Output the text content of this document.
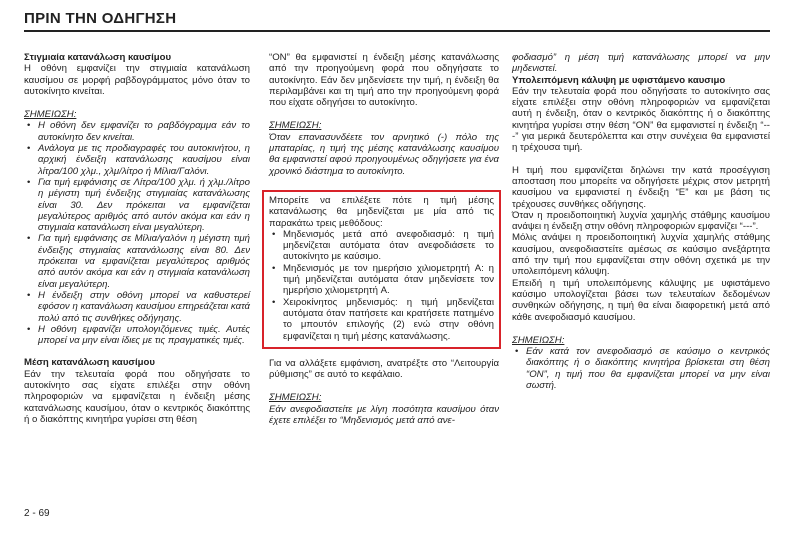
ΠΡΙΝ ΤΗΝ ΟΔΗΓΗΣΗ

Στιγμιαία κατανάλωση καυσίμου

Η οθόνη εμφανίζει την στιγμιαία κατανάλωση καυσίμου σε μορφή ραβδογράμματος μόνο όταν το αυτοκίνητο κινείται.

ΣΗΜΕΙΩΣΗ:

• Η οθόνη δεν εμφανίζει το ραβδόγραμμα εάν το αυτοκίνητο δεν κινείται.
• Ανάλογα με τις προδιαγραφές του αυτοκινήτου, η αρχική ένδειξη κατανάλωσης καυσίμου είναι λίτρα/100 χλμ., χλμ/λίτρο ή Μίλια/Γαλόνι.
• Για τιμή εμφάνισης σε Λίτρα/100 χλμ. ή χλμ./λίτρο η μέγιστη τιμή ένδειξης στιγμιαίας κατανάλωσης είναι 30. Δεν πρόκειται να εμφανίζεται μεγαλύτερος αριθμός από αυτόν ακόμα και εάν η στιγμιαία κατανάλωση είναι μεγαλύτερη.
• Για τιμή εμφάνισης σε Μίλια/γαλόνι η μέγιστη τιμή ένδειξης στιγμιαίας κατανάλωσης είναι 80. Δεν πρόκειται να εμφανίζεται μεγαλύτερος αριθμός από αυτόν ακόμα και εάν η στιγμιαία κατανάλωση είναι μεγαλύτερη.
• Η ένδειξη στην οθόνη μπορεί να καθυστερεί εφόσον η κατανάλωση καυσίμου επηρεάζεται κατά πολύ από τις συνθήκες οδήγησης.
• Η οθόνη εμφανίζει υπολογιζόμενες τιμές. Αυτές μπορεί να μην είναι ίδιες με τις πραγματικές τιμές.

Μέση κατανάλωση καυσίμου

Εάν την τελευταία φορά που οδηγήσατε το αυτοκίνητο σας είχατε επιλέξει στην οθόνη πληροφοριών να εμφανίζεται η ένδειξη μέσης κατανάλωσης καυσίμου, όταν ο κεντρικός διακόπτης ή ο διακόπτης κινητήρα γυρίσει στη θέση

“ON” θα εμφανιστεί η ένδειξη μέσης κατανάλωσης από την προηγούμενη φορά που οδηγήσατε το αυτοκίνητο. Εάν δεν μηδενίσετε την τιμή, η ένδειξη θα περιλαμβάνει και τη τιμή απο την προηγούμενη φορά που είχατε οδηγήσει το αυτοκίνητο.

ΣΗΜΕΙΩΣΗ:

Όταν επανασυνδέετε τον αρνητικό (-) πόλο της μπαταρίας, η τιμή της μέσης κατανάλωσης καυσίμου θα εμφανιστεί αφού προηγουμένως οδηγήσετε για ένα χρονικό διάστημα το αυτοκίνητο.

Μπορείτε να επιλέξετε πότε η τιμή μέσης κατανάλωσης θα μηδενίζεται με μία από τις παρακάτω τρεις μεθόδους:

• Μηδενισμός μετά από ανεφοδιασμό: η τιμή μηδενίζεται αυτόματα όταν ανεφοδιάσετε το αυτοκίνητο με καύσιμο.
• Μηδενισμός με τον ημερήσιο χιλιομετρητή A: η τιμή μηδενίζεται αυτόματα όταν μηδενίσετε τον ημερήσιο χιλιομετρητή A.
• Χειροκίνητος μηδενισμός: η τιμή μηδενίζεται αυτόματα όταν πατήσετε και κρατήσετε πατημένο το μπουτόν επιλογής (2) ενώ στην οθόνη εμφανίζεται η τιμή μέσης κατανάλωσης.

Για να αλλάξετε εμφάνιση, ανατρέξτε στο “Λειτουργία ρύθμισης” σε αυτό το κεφάλαιο.

ΣΗΜΕΙΩΣΗ:

Εάν ανεφοδιαστείτε με λίγη ποσότητα καυσίμου όταν έχετε επιλέξει το “Μηδενισμός μετά από ανε-

φοδιασμό” η μέση τιμή κατανάλωσης μπορεί να μην μηδενιστεί.

Υπολειπόμενη κάλυψη με υφιστάμενο καυσιμο

Εάν την τελευταία φορά που οδηγήσατε το αυτοκίνητο σας είχατε επιλέξει στην οθόνη πληροφοριών να εμφανίζεται αυτή η ένδειξη, όταν ο κεντρικός διακόπτης ή ο διακόπτης κινητήρα γυρίσει στην θέση “ON” θα εμφανιστεί η ένδειξη “---” για μερικά δευτερόλεπτα και στην συνέχεια θα εμφανιστεί η τρέχουσα τιμή.

Η τιμή που εμφανίζεται δηλώνει την κατά προσέγγιση αποσταση που μπορείτε να οδηγήσετε μέχρις στον μετρητή καυσίμου να εμφανιστεί η ένδειξη “E” και με βάση τις τρέχουσες συνθήκες οδήγησης.

Όταν η προειδοποιητική λυχνία χαμηλής στάθμης καυσίμου ανάψει η ένδειξη στην οθόνη πληροφοριών εμφανίζει “---”.

Μόλις ανάψει η προειδοποιητική λυχνία χαμηλής στάθμης καυσίμου, ανεφοδιαστείτε αμέσως σε καύσιμο ανεξάρτητα από την τιμή που εμφανίζεται στην οθόνη σχετικά με την υπολειπόμενη κάλυψη.

Επειδή η τιμή υπολειπόμενης κάλυψης με υφιστάμενο καύσιμο υπολογίζεται βάσει των τελευταίων δεδομένων συνθηκών οδήγησης, η τιμή θα είναι διαφορετική μετά από κάθε ανεφοδιασμό καυσίμου.

ΣΗΜΕΙΩΣΗ:

• Εάν κατά τον ανεφοδιασμό σε καύσιμο ο κεντρικός διακόπτης ή ο διακόπτης κινητήρα βρίσκεται στη θέση “ON”, η τιμή που θα εμφανίζεται μπορεί να μην είναι σωστή.
2 - 69
